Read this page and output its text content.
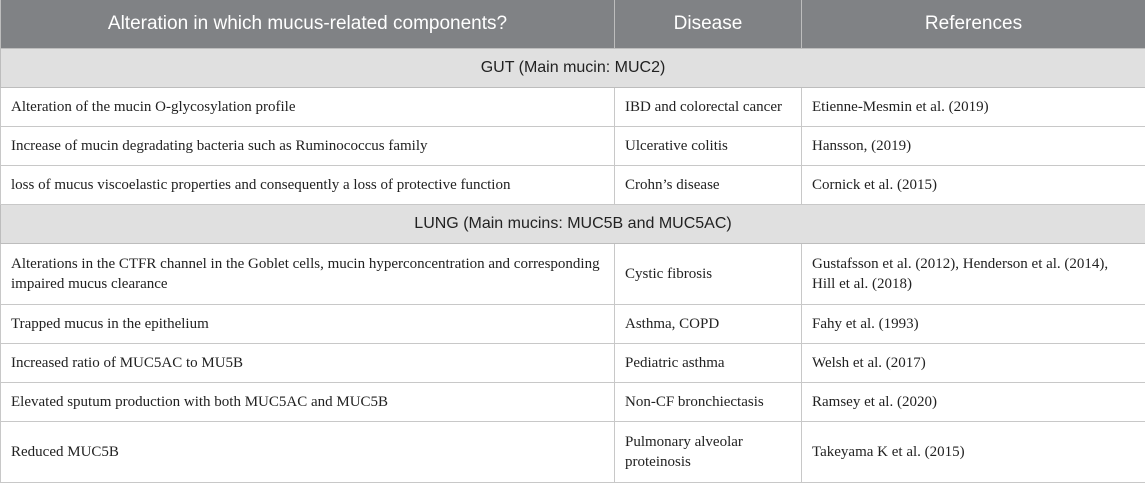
Alteration in which mucus-related components?	Disease	References
GUT (Main mucin: MUC2)		
Alteration of the mucin O-glycosylation profile	IBD and colorectal cancer	Etienne-Mesmin et al. (2019)
Increase of mucin degradating bacteria such as Ruminococcus family	Ulcerative colitis	Hansson, (2019)
loss of mucus viscoelastic properties and consequently a loss of protective function	Crohn’s disease	Cornick et al. (2015)
LUNG (Main mucins: MUC5B and MUC5AC)		
Alterations in the CTFR channel in the Goblet cells, mucin hyperconcentration and corresponding impaired mucus clearance	Cystic fibrosis	Gustafsson et al. (2012), Henderson et al. (2014), Hill et al. (2018)
Trapped mucus in the epithelium	Asthma, COPD	Fahy et al. (1993)
Increased ratio of MUC5AC to MU5B	Pediatric asthma	Welsh et al. (2017)
Elevated sputum production with both MUC5AC and MUC5B	Non-CF bronchiectasis	Ramsey et al. (2020)
Reduced MUC5B	Pulmonary alveolar proteinosis	Takeyama K et al. (2015)
